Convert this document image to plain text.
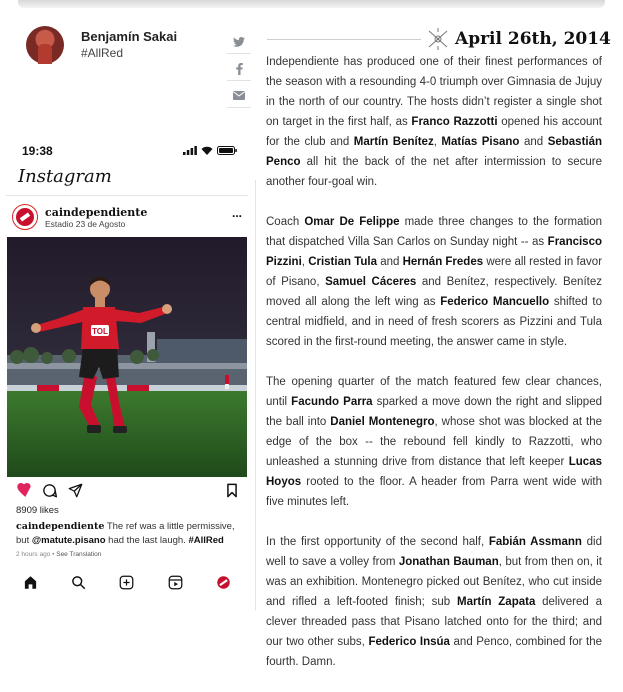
Benjamín Sakai
#AllRed
April 26th, 2014

Independiente has produced one of their finest performances of the season with a resounding 4-0 triumph over Gimnasia de Jujuy in the north of our country. The hosts didn’t register a single shot on target in the first half, as Franco Razzotti opened his account for the club and Martín Benítez, Matías Pisano and Sebastián Penco all hit the back of the net after intermission to secure another four-goal win.

Coach Omar De Felippe made three changes to the formation that dispatched Villa San Carlos on Sunday night -- as Francisco Pizzini, Cristian Tula and Hernán Fredes were all rested in favor of Pisano, Samuel Cáceres and Benítez, respectively. Benítez moved all along the left wing as Federico Mancuello shifted to central midfield, and in need of fresh scorers as Pizzini and Tula scored in the first-round meeting, the answer came in style.

The opening quarter of the match featured few clear chances, until Facundo Parra sparked a move down the right and slipped the ball into Daniel Montenegro, whose shot was blocked at the edge of the box -- the rebound fell kindly to Razzotti, who unleashed a stunning drive from distance that left keeper Lucas Hoyos rooted to the floor. A header from Parra went wide with five minutes left.

In the first opportunity of the second half, Fabián Assmann did well to save a volley from Jonathan Bauman, but from then on, it was an exhibition. Montenegro picked out Benítez, who cut inside and rifled a left-footed finish; sub Martín Zapata delivered a clever threaded pass that Pisano latched onto for the third; and our two other subs, Federico Insúa and Penco, combined for the fourth. Damn.

19:38
Instagram
caindependiente
Estadio 23 de Agosto
...
TOL
8909 likes
caindependiente The ref was a little permissive, but @matute.pisano had the last laugh. #AllRed
2 hours ago • See Translation
